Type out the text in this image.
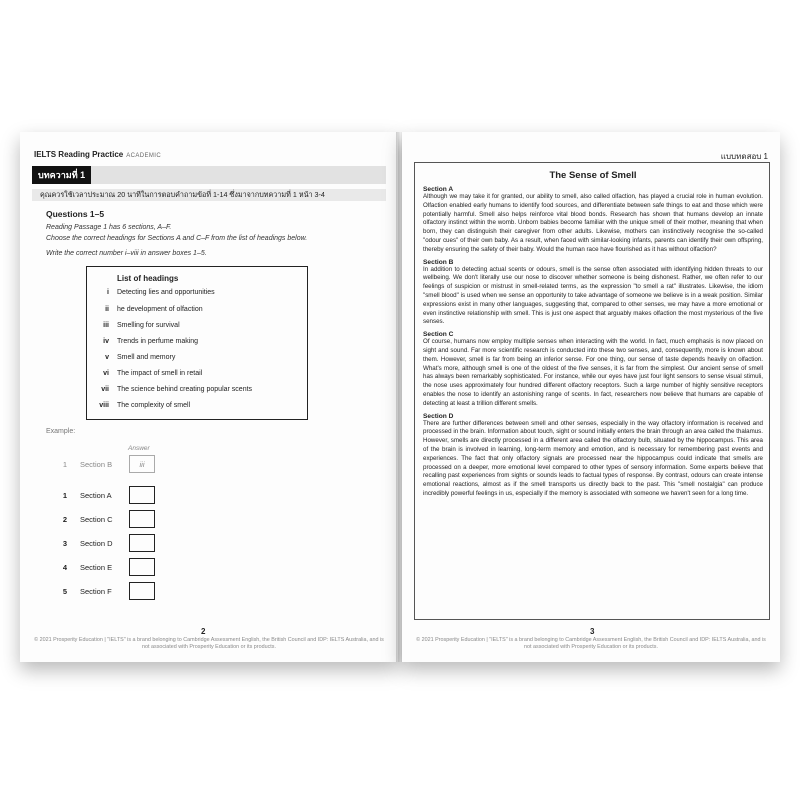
IELTS Reading Practice ACADEMIC
บทความที่ 1
คุณควรใช้เวลาประมาณ 20 นาทีในการตอบคำถามข้อที่ 1-14 ซึ่งมาจากบทความที่ 1 หน้า 3-4
Questions 1–5
Reading Passage 1 has 6 sections, A–F.
Choose the correct headings for Sections A and C–F from the list of headings below.
Write the correct number i–viii in answer boxes 1–5.
List of headings
i Detecting lies and opportunities
ii he development of olfaction
iii Smelling for survival
iv Trends in perfume making
v Smell and memory
vi The impact of smell in retail
vii The science behind creating popular scents
viii The complexity of smell
Example:
Answer
1	Section B	iii
1	Section A
2	Section C
3	Section D
4	Section E
5	Section F
2
© 2021 Prosperity Education | "IELTS" is a brand belonging to Cambridge Assessment English, the British Council and IDP: IELTS Australia, and is not associated with Prosperity Education or its products.
แบบทดสอบ 1
The Sense of Smell
Section A
Although we may take it for granted, our ability to smell, also called olfaction, has played a crucial role in human evolution. Olfaction enabled early humans to identify food sources, and differentiate between safe things to eat and those which were potentially harmful. Smell also helps reinforce vital blood bonds. Research has shown that humans develop an innate olfactory instinct within the womb. Unborn babies become familiar with the unique smell of their mother, meaning that when born, they can distinguish their caregiver from other adults. Likewise, mothers can instinctively recognise the so-called "odour cues" of their own baby. As a result, when faced with similar-looking infants, parents can identify their own offspring, thereby ensuring the safety of their baby. Would the human race have flourished as it has without olfaction?
Section B
In addition to detecting actual scents or odours, smell is the sense often associated with identifying hidden threats to our wellbeing. We don't literally use our nose to discover whether someone is being dishonest. Rather, we often refer to our feelings of suspicion or mistrust in smell-related terms, as the expression "to smell a rat" illustrates. Likewise, the idiom "smell blood" is used when we sense an opportunity to take advantage of someone we believe is in a weak position. Similar expressions exist in many other languages, suggesting that, compared to other senses, we may have a more emotional or even instinctive relationship with smell. This is just one aspect that arguably makes olfaction the most mysterious of the five senses.
Section C
Of course, humans now employ multiple senses when interacting with the world. In fact, much emphasis is now placed on sight and sound. Far more scientific research is conducted into these two senses, and, consequently, more is known about them. However, smell is far from being an inferior sense. For one thing, our sense of taste depends heavily on olfaction. What's more, although smell is one of the oldest of the five senses, it is far from the simplest. Our ancient sense of smell has always been remarkably sophisticated. For instance, while our eyes have just four light sensors to sense visual stimuli, the nose uses approximately four hundred different olfactory receptors. Such a large number of highly sensitive receptors enables the nose to identify an astonishing range of scents. In fact, researchers now believe that humans are capable of detecting at least a trillion different smells.
Section D
There are further differences between smell and other senses, especially in the way olfactory information is received and processed in the brain. Information about touch, sight or sound initially enters the brain through an area called the thalamus. However, smells are directly processed in a different area called the olfactory bulb, situated by the hippocampus. This area of the brain is involved in learning, long-term memory and emotion, and is necessary for remembering past events and experiences. The fact that only olfactory signals are processed near the hippocampus could indicate that smells are processed on a deeper, more emotional level compared to other types of sensory information. Some experts believe that recalling past experiences from sights or sounds leads to factual types of response. By contrast, odours can create intense emotional reactions, almost as if the smell transports us directly back to the past. This "smell nostalgia" can produce incredibly powerful feelings in us, especially if the memory is associated with someone we haven't seen for a long time.
3
© 2021 Prosperity Education | "IELTS" is a brand belonging to Cambridge Assessment English, the British Council and IDP: IELTS Australia, and is not associated with Prosperity Education or its products.
